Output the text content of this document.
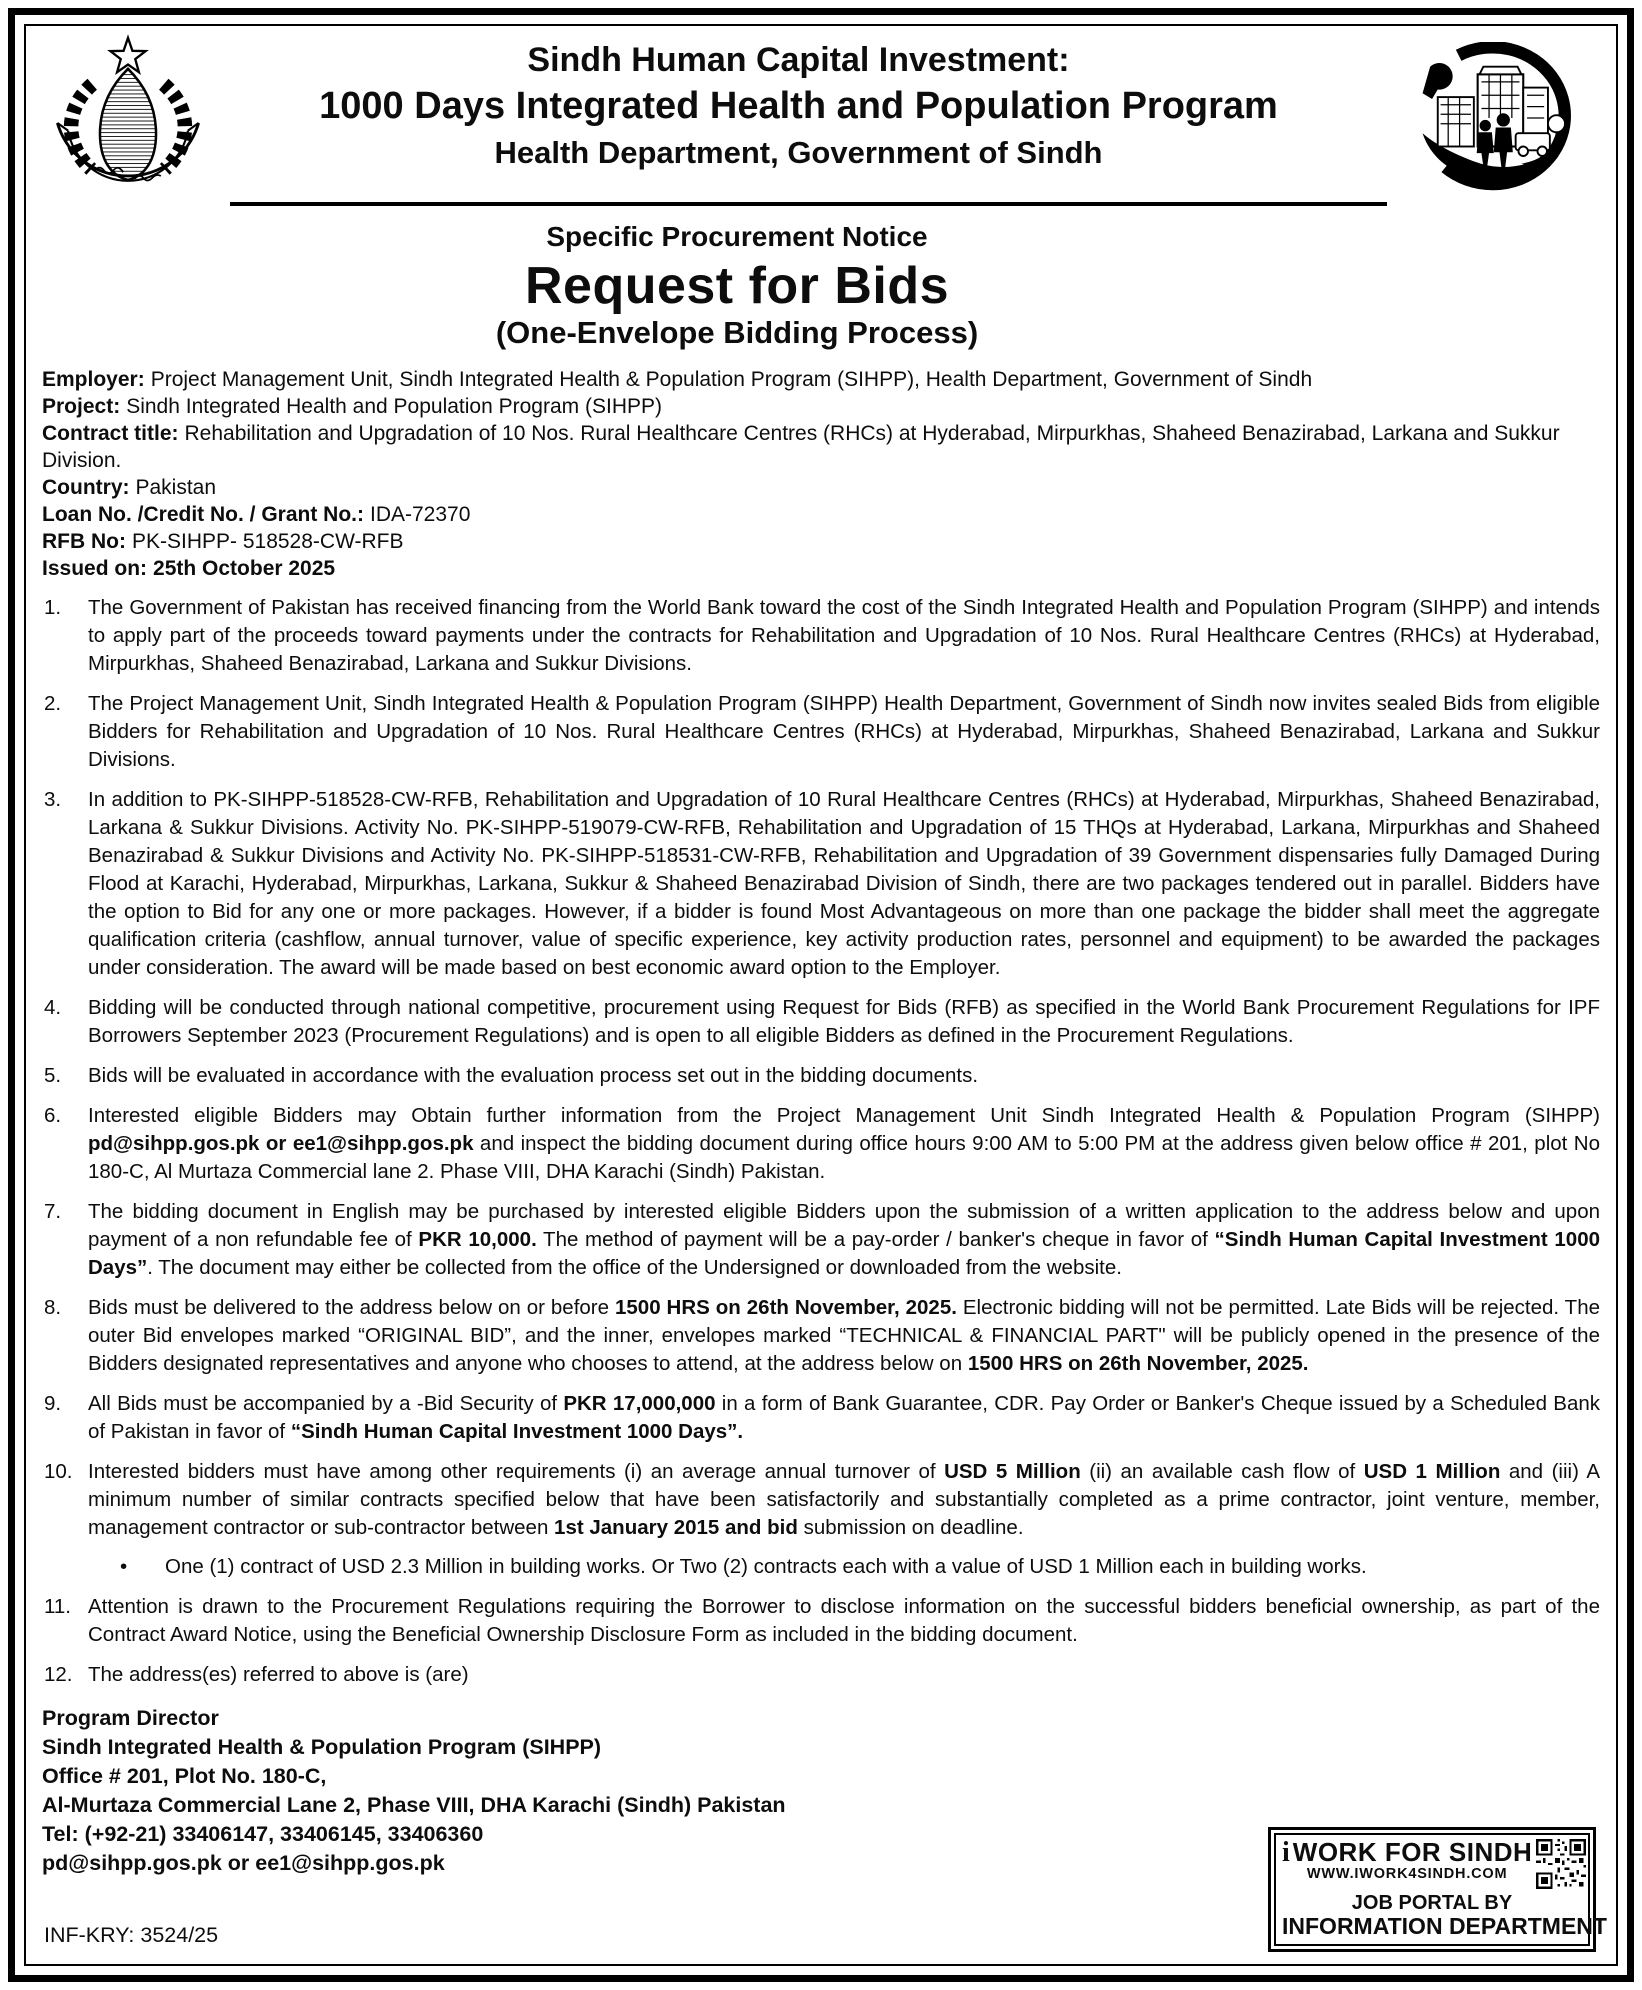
Sindh Human Capital Investment:
1000 Days Integrated Health and Population Program
Health Department, Government of Sindh
Specific Procurement Notice
Request for Bids
(One-Envelope Bidding Process)
Employer: Project Management Unit, Sindh Integrated Health & Population Program (SIHPP), Health Department, Government of Sindh
Project: Sindh Integrated Health and Population Program (SIHPP)
Contract title: Rehabilitation and Upgradation of 10 Nos. Rural Healthcare Centres (RHCs) at Hyderabad, Mirpurkhas, Shaheed Benazirabad, Larkana and Sukkur Division.
Country: Pakistan
Loan No. /Credit No. / Grant No.: IDA-72370
RFB No: PK-SIHPP- 518528-CW-RFB
Issued on: 25th October 2025
1.	The Government of Pakistan has received financing from the World Bank toward the cost of the Sindh Integrated Health and Population Program (SIHPP) and intends to apply part of the proceeds toward payments under the contracts for Rehabilitation and Upgradation of 10 Nos. Rural Healthcare Centres (RHCs) at Hyderabad, Mirpurkhas, Shaheed Benazirabad, Larkana and Sukkur Divisions.
2.	The Project Management Unit, Sindh Integrated Health & Population Program (SIHPP) Health Department, Government of Sindh now invites sealed Bids from eligible Bidders for Rehabilitation and Upgradation of 10 Nos. Rural Healthcare Centres (RHCs) at Hyderabad, Mirpurkhas, Shaheed Benazirabad, Larkana and Sukkur Divisions.
3.	In addition to PK-SIHPP-518528-CW-RFB, Rehabilitation and Upgradation of 10 Rural Healthcare Centres (RHCs) at Hyderabad, Mirpurkhas, Shaheed Benazirabad, Larkana & Sukkur Divisions. Activity No. PK-SIHPP-519079-CW-RFB, Rehabilitation and Upgradation of 15 THQs at Hyderabad, Larkana, Mirpurkhas and Shaheed Benazirabad & Sukkur Divisions and Activity No. PK-SIHPP-518531-CW-RFB, Rehabilitation and Upgradation of 39 Government dispensaries fully Damaged During Flood at Karachi, Hyderabad, Mirpurkhas, Larkana, Sukkur & Shaheed Benazirabad Division of Sindh, there are two packages tendered out in parallel. Bidders have the option to Bid for any one or more packages. However, if a bidder is found Most Advantageous on more than one package the bidder shall meet the aggregate qualification criteria (cashflow, annual turnover, value of specific experience, key activity production rates, personnel and equipment) to be awarded the packages under consideration. The award will be made based on best economic award option to the Employer.
4.	Bidding will be conducted through national competitive, procurement using Request for Bids (RFB) as specified in the World Bank Procurement Regulations for IPF Borrowers September 2023 (Procurement Regulations) and is open to all eligible Bidders as defined in the Procurement Regulations.
5.	Bids will be evaluated in accordance with the evaluation process set out in the bidding documents.
6.	Interested eligible Bidders may Obtain further information from the Project Management Unit Sindh Integrated Health & Population Program (SIHPP) pd@sihpp.gos.pk or ee1@sihpp.gos.pk and inspect the bidding document during office hours 9:00 AM to 5:00 PM at the address given below office # 201, plot No 180-C, Al Murtaza Commercial lane 2. Phase VIII, DHA Karachi (Sindh) Pakistan.
7.	The bidding document in English may be purchased by interested eligible Bidders upon the submission of a written application to the address below and upon payment of a non refundable fee of PKR 10,000. The method of payment will be a pay-order / banker's cheque in favor of “Sindh Human Capital Investment 1000 Days”. The document may either be collected from the office of the Undersigned or downloaded from the website.
8.	Bids must be delivered to the address below on or before 1500 HRS on 26th November, 2025. Electronic bidding will not be permitted. Late Bids will be rejected. The outer Bid envelopes marked “ORIGINAL BID”, and the inner, envelopes marked “TECHNICAL & FINANCIAL PART" will be publicly opened in the presence of the Bidders designated representatives and anyone who chooses to attend, at the address below on 1500 HRS on 26th November, 2025.
9.	All Bids must be accompanied by a -Bid Security of PKR 17,000,000 in a form of Bank Guarantee, CDR. Pay Order or Banker's Cheque issued by a Scheduled Bank of Pakistan in favor of “Sindh Human Capital Investment 1000 Days”.
10. Interested bidders must have among other requirements (i) an average annual turnover of USD 5 Million (ii) an available cash flow of USD 1 Million and (iii) A minimum number of similar contracts specified below that have been satisfactorily and substantially completed as a prime contractor, joint venture, member, management contractor or sub-contractor between 1st January 2015 and bid submission on deadline.
•	One (1) contract of USD 2.3 Million in building works. Or Two (2) contracts each with a value of USD 1 Million each in building works.
11. Attention is drawn to the Procurement Regulations requiring the Borrower to disclose information on the successful bidders beneficial ownership, as part of the Contract Award Notice, using the Beneficial Ownership Disclosure Form as included in the bidding document.
12. The address(es) referred to above is (are)
Program Director
Sindh Integrated Health & Population Program (SIHPP)
Office # 201, Plot No. 180-C,
Al-Murtaza Commercial Lane 2, Phase VIII, DHA Karachi (Sindh) Pakistan
Tel: (+92-21) 33406147, 33406145, 33406360
pd@sihpp.gos.pk or ee1@sihpp.gos.pk
INF-KRY: 3524/25
i WORK FOR SINDH
WWW.IWORK4SINDH.COM
JOB PORTAL BY
INFORMATION DEPARTMENT
